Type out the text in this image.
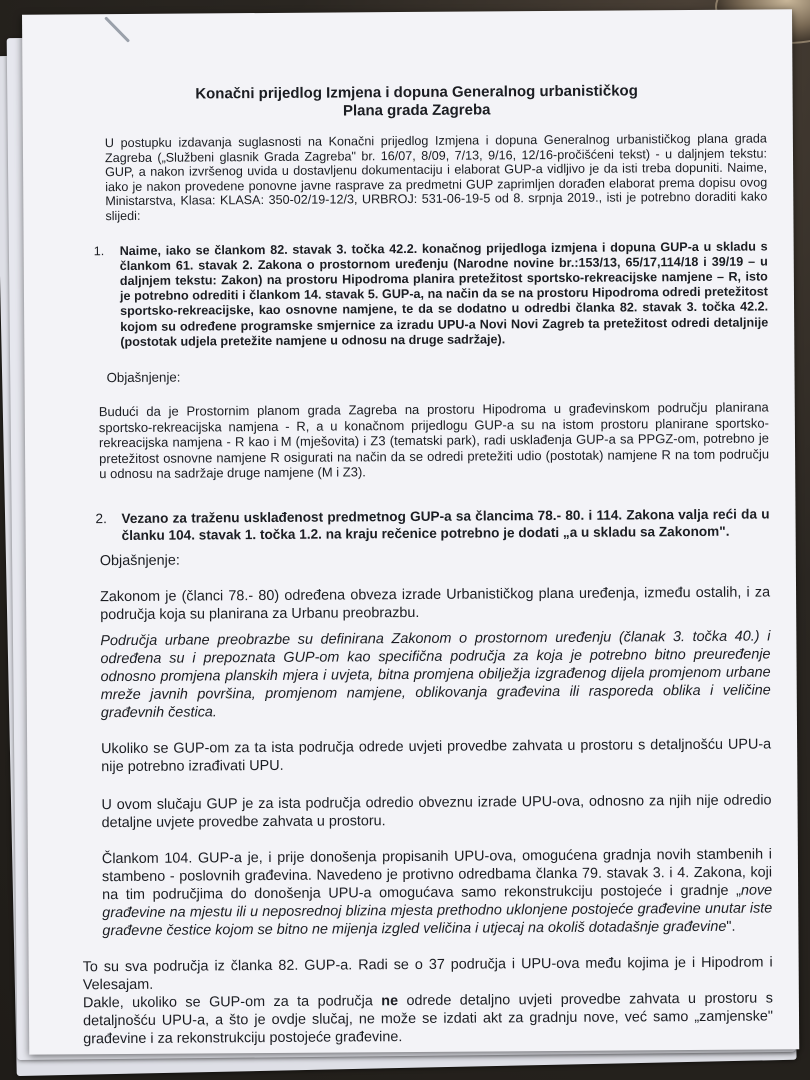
Konačni prijedlog Izmjena i dopuna Generalnog urbanističkog
Plana grada Zagreba
U postupku izdavanja suglasnosti na Konačni prijedlog Izmjena i dopuna Generalnog urbanističkog plana grada Zagreba („Službeni glasnik Grada Zagreba" br. 16/07, 8/09, 7/13, 9/16, 12/16-pročišćeni tekst) - u daljnjem tekstu: GUP, a nakon izvršenog uvida u dostavljenu dokumentaciju i elaborat GUP-a vidljivo je da isti treba dopuniti. Naime, iako je nakon provedene ponovne javne rasprave za predmetni GUP zaprimljen dorađen elaborat prema dopisu ovog Ministarstva, Klasa: KLASA: 350-02/19-12/3, URBROJ: 531-06-19-5 od 8. srpnja 2019., isti je potrebno doraditi kako slijedi:
1. Naime, iako se člankom 82. stavak 3. točka 42.2. konačnog prijedloga izmjena i dopuna GUP-a u skladu s člankom 61. stavak 2. Zakona o prostornom uređenju (Narodne novine br.:153/13, 65/17,114/18 i 39/19 – u daljnjem tekstu: Zakon) na prostoru Hipodroma planira pretežitost sportsko-rekreacijske namjene – R, isto je potrebno odrediti i člankom 14. stavak 5. GUP-a, na način da se na prostoru Hipodroma odredi pretežitost sportsko-rekreacijske, kao osnovne namjene, te da se dodatno u odredbi članka 82. stavak 3. točka 42.2. kojom su određene programske smjernice za izradu UPU-a Novi Novi Zagreb ta pretežitost odredi detaljnije (postotak udjela pretežite namjene u odnosu na druge sadržaje).
Objašnjenje:
Budući da je Prostornim planom grada Zagreba na prostoru Hipodroma u građevinskom području planirana sportsko-rekreacijska namjena - R, a u konačnom prijedlogu GUP-a su na istom prostoru planirane sportsko-rekreacijska namjena - R kao i M (mješovita) i Z3 (tematski park), radi usklađenja GUP-a sa PPGZ-om, potrebno je pretežitost osnovne namjene R osigurati na način da se odredi pretežiti udio (postotak) namjene R na tom području u odnosu na sadržaje druge namjene (M i Z3).
2. Vezano za traženu usklađenost predmetnog GUP-a sa člancima 78.- 80. i 114. Zakona valja reći da u članku 104. stavak 1. točka 1.2. na kraju rečenice potrebno je dodati „a u skladu sa Zakonom".
Objašnjenje:
Zakonom je (članci 78.- 80) određena obveza izrade Urbanističkog plana uređenja, između ostalih, i za područja koja su planirana za Urbanu preobrazbu.
Područja urbane preobrazbe su definirana Zakonom o prostornom uređenju (članak 3. točka 40.) i određena su i prepoznata GUP-om kao specifična područja za koja je potrebno bitno preuređenje odnosno promjena planskih mjera i uvjeta, bitna promjena obilježja izgrađenog dijela promjenom urbane mreže javnih površina, promjenom namjene, oblikovanja građevina ili rasporeda oblika i veličine građevnih čestica.
Ukoliko se GUP-om za ta ista područja odrede uvjeti provedbe zahvata u prostoru s detaljnošću UPU-a nije potrebno izrađivati UPU.
U ovom slučaju GUP je za ista područja odredio obveznu izrade UPU-ova, odnosno za njih nije odredio detaljne uvjete provedbe zahvata u prostoru.
Člankom 104. GUP-a je, i prije donošenja propisanih UPU-ova, omogućena gradnja novih stambenih i stambeno - poslovnih građevina. Navedeno je protivno odredbama članka 79. stavak 3. i 4. Zakona, koji na tim područjima do donošenja UPU-a omogućava samo rekonstrukciju postojeće i gradnje „nove građevine na mjestu ili u neposrednoj blizina mjesta prethodno uklonjene postojeće građevine unutar iste građevne čestice kojom se bitno ne mijenja izgled veličina i utjecaj na okoliš dotadašnje građevine".
To su sva područja iz članka 82. GUP-a. Radi se o 37 područja i UPU-ova među kojima je i Hipodrom i Velesajam.
Dakle, ukoliko se GUP-om za ta područja ne odrede detaljno uvjeti provedbe zahvata u prostoru s detaljnošću UPU-a, a što je ovdje slučaj, ne može se izdati akt za gradnju nove, već samo „zamjenske" građevine i za rekonstrukciju postojeće građevine.
